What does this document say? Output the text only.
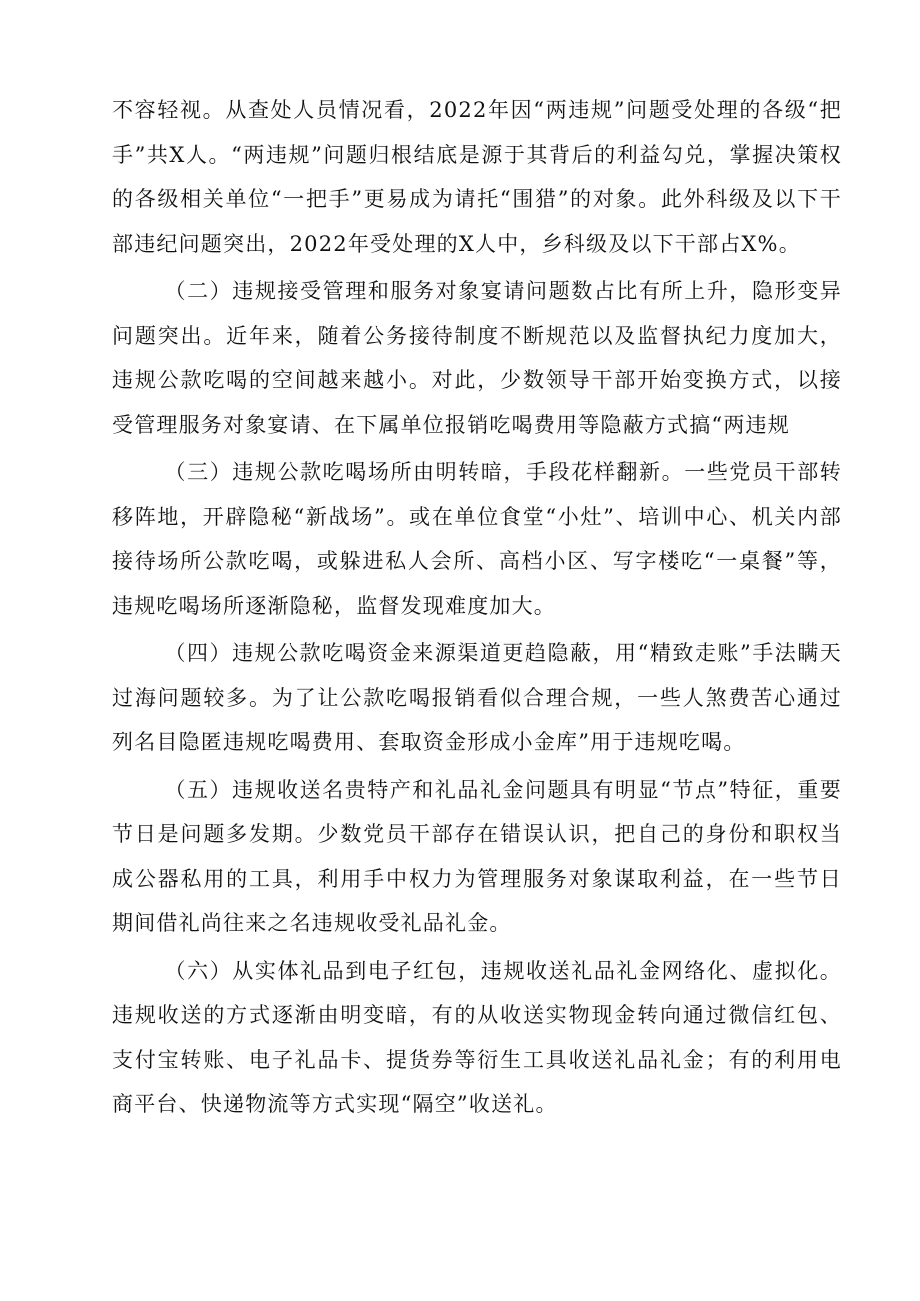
不容轻视。从查处人员情况看，2022年因“两违规”问题受处理的各级“把手”共X人。“两违规”问题归根结底是源于其背后的利益勾兑，掌握决策权的各级相关单位“一把手”更易成为请托“围猎”的对象。此外科级及以下干部违纪问题突出，2022年受处理的X人中，乡科级及以下干部占X%。

（二）违规接受管理和服务对象宴请问题数占比有所上升，隐形变异问题突出。近年来，随着公务接待制度不断规范以及监督执纪力度加大，违规公款吃喝的空间越来越小。对此，少数领导干部开始变换方式，以接受管理服务对象宴请、在下属单位报销吃喝费用等隐蔽方式搞“两违规

（三）违规公款吃喝场所由明转暗，手段花样翻新。一些党员干部转移阵地，开辟隐秘“新战场”。或在单位食堂“小灶”、培训中心、机关内部接待场所公款吃喝，或躲进私人会所、高档小区、写字楼吃“一桌餐”等，违规吃喝场所逐渐隐秘，监督发现难度加大。

（四）违规公款吃喝资金来源渠道更趋隐蔽，用“精致走账”手法瞒天过海问题较多。为了让公款吃喝报销看似合理合规，一些人煞费苦心通过列名目隐匿违规吃喝费用、套取资金形成小金库”用于违规吃喝。

（五）违规收送名贵特产和礼品礼金问题具有明显“节点”特征，重要节日是问题多发期。少数党员干部存在错误认识，把自己的身份和职权当成公器私用的工具，利用手中权力为管理服务对象谋取利益，在一些节日期间借礼尚往来之名违规收受礼品礼金。

（六）从实体礼品到电子红包，违规收送礼品礼金网络化、虚拟化。违规收送的方式逐渐由明变暗，有的从收送实物现金转向通过微信红包、支付宝转账、电子礼品卡、提货券等衍生工具收送礼品礼金；有的利用电商平台、快递物流等方式实现“隔空”收送礼。
